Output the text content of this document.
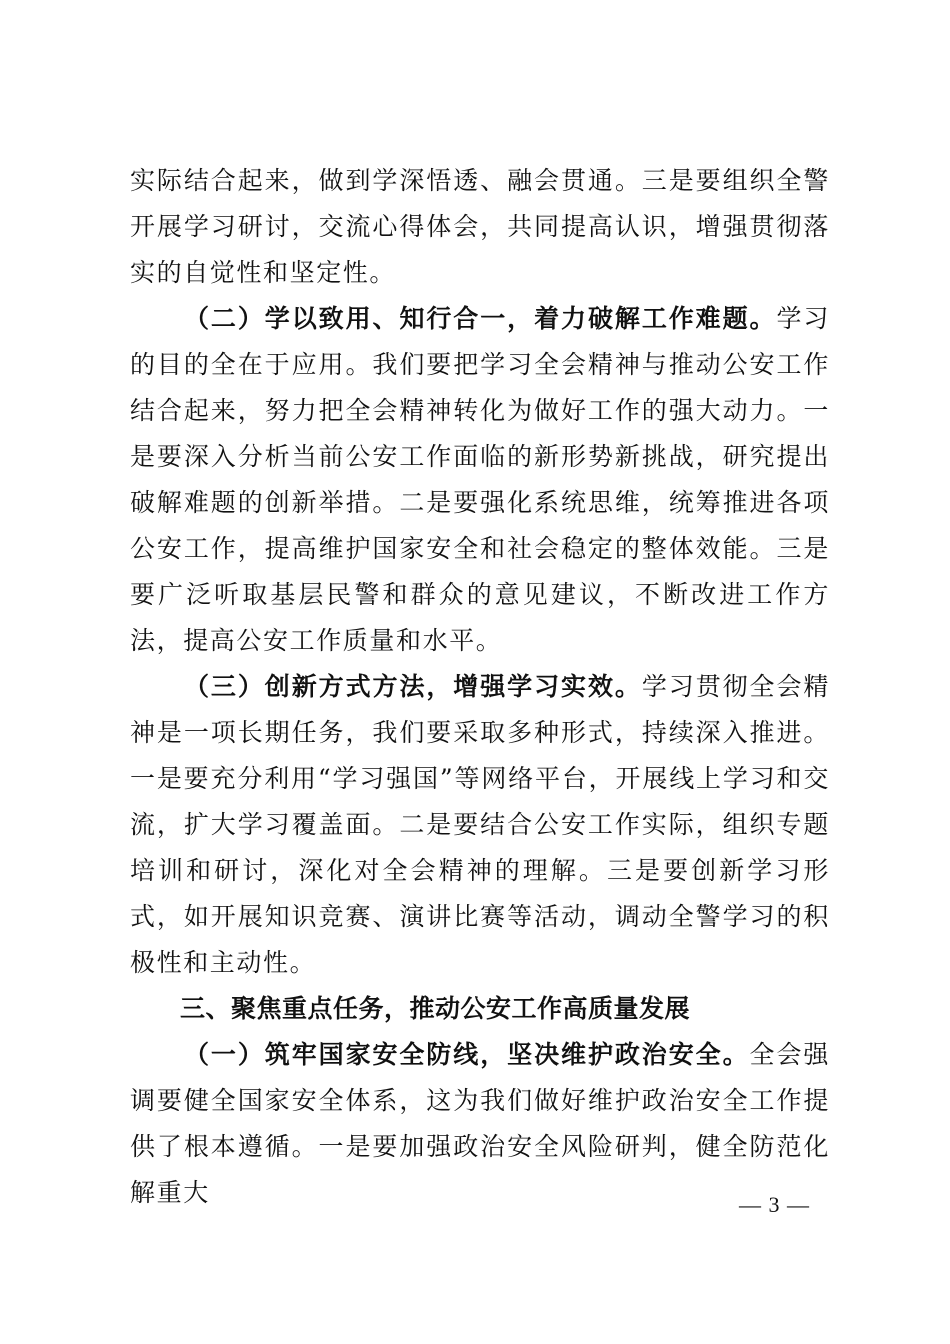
实际结合起来，做到学深悟透、融会贯通。三是要组织全警开展学习研讨，交流心得体会，共同提高认识，增强贯彻落实的自觉性和坚定性。

（二）学以致用、知行合一，着力破解工作难题。学习的目的全在于应用。我们要把学习全会精神与推动公安工作结合起来，努力把全会精神转化为做好工作的强大动力。一是要深入分析当前公安工作面临的新形势新挑战，研究提出破解难题的创新举措。二是要强化系统思维，统筹推进各项公安工作，提高维护国家安全和社会稳定的整体效能。三是要广泛听取基层民警和群众的意见建议，不断改进工作方法，提高公安工作质量和水平。

（三）创新方式方法，增强学习实效。学习贯彻全会精神是一项长期任务，我们要采取多种形式，持续深入推进。一是要充分利用“学习强国”等网络平台，开展线上学习和交流，扩大学习覆盖面。二是要结合公安工作实际，组织专题培训和研讨，深化对全会精神的理解。三是要创新学习形式，如开展知识竞赛、演讲比赛等活动，调动全警学习的积极性和主动性。

三、聚焦重点任务，推动公安工作高质量发展

（一）筑牢国家安全防线，坚决维护政治安全。全会强调要健全国家安全体系，这为我们做好维护政治安全工作提供了根本遵循。一是要加强政治安全风险研判，健全防范化解重大	— 3 —
